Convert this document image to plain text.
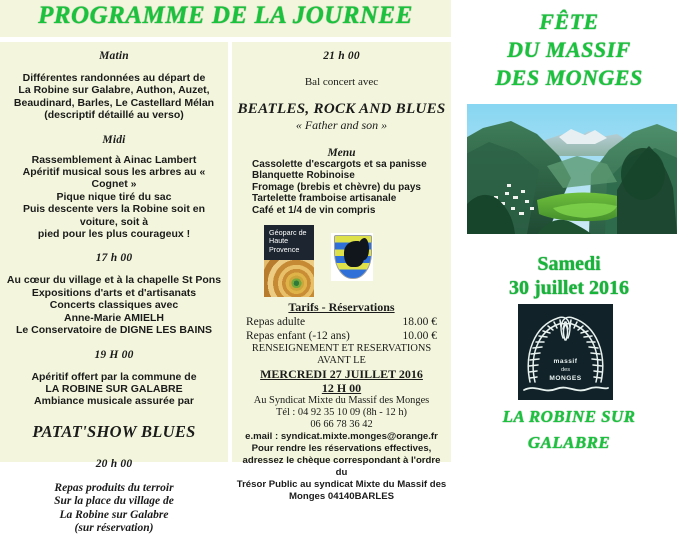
PROGRAMME DE LA JOURNEE
Matin
Différentes randonnées au départ de
La Robine sur Galabre, Authon, Auzet,
Beaudinard, Barles, Le Castellard Mélan
(descriptif détaillé au verso)
Midi
Rassemblement à Ainac Lambert
Apéritif musical sous les arbres au « Cognet »
Pique nique tiré du sac
Puis descente vers la Robine soit en voiture, soit à
pied pour les plus courageux !
17 h 00
Au cœur du village et à la chapelle St Pons
Expositions d'arts et d'artisanats
Concerts classiques avec
Anne-Marie AMIELH
Le Conservatoire de DIGNE LES BAINS
19 H 00
Apéritif offert par la commune de
LA ROBINE SUR GALABRE
Ambiance musicale assurée par
PATAT'SHOW BLUES
20 h 00
Repas produits du terroir
Sur la place du village de
La Robine sur Galabre
(sur réservation)
21 h 00
Bal concert avec
BEATLES, ROCK AND BLUES
« Father and son »
Menu
Cassolette d'escargots et sa panisse
Blanquette Robinoise
Fromage (brebis et chèvre) du pays
Tartelette framboise artisanale
Café et 1/4 de vin compris
Géoparc de Haute Provence
Tarifs - Réservations
Repas adulte	18.00 €
Repas enfant (-12 ans)	10.00 €
RENSEIGNEMENT ET RESERVATIONS
AVANT LE
MERCREDI 27 JUILLET 2016
12 H 00
Au Syndicat Mixte du Massif des Monges
Tél : 04 92 35 10 09 (8h - 12 h)
06 66 78 36 42
e.mail : syndicat.mixte.monges@orange.fr
Pour rendre les réservations effectives,
adressez le chèque correspondant à l'ordre du
Trésor Public au syndicat Mixte du Massif des
Monges 04140BARLES
FÊTE
DU MASSIF
DES MONGES
Samedi
30 juillet 2016
LA ROBINE SUR
GALABRE
massif
des
MONGES
